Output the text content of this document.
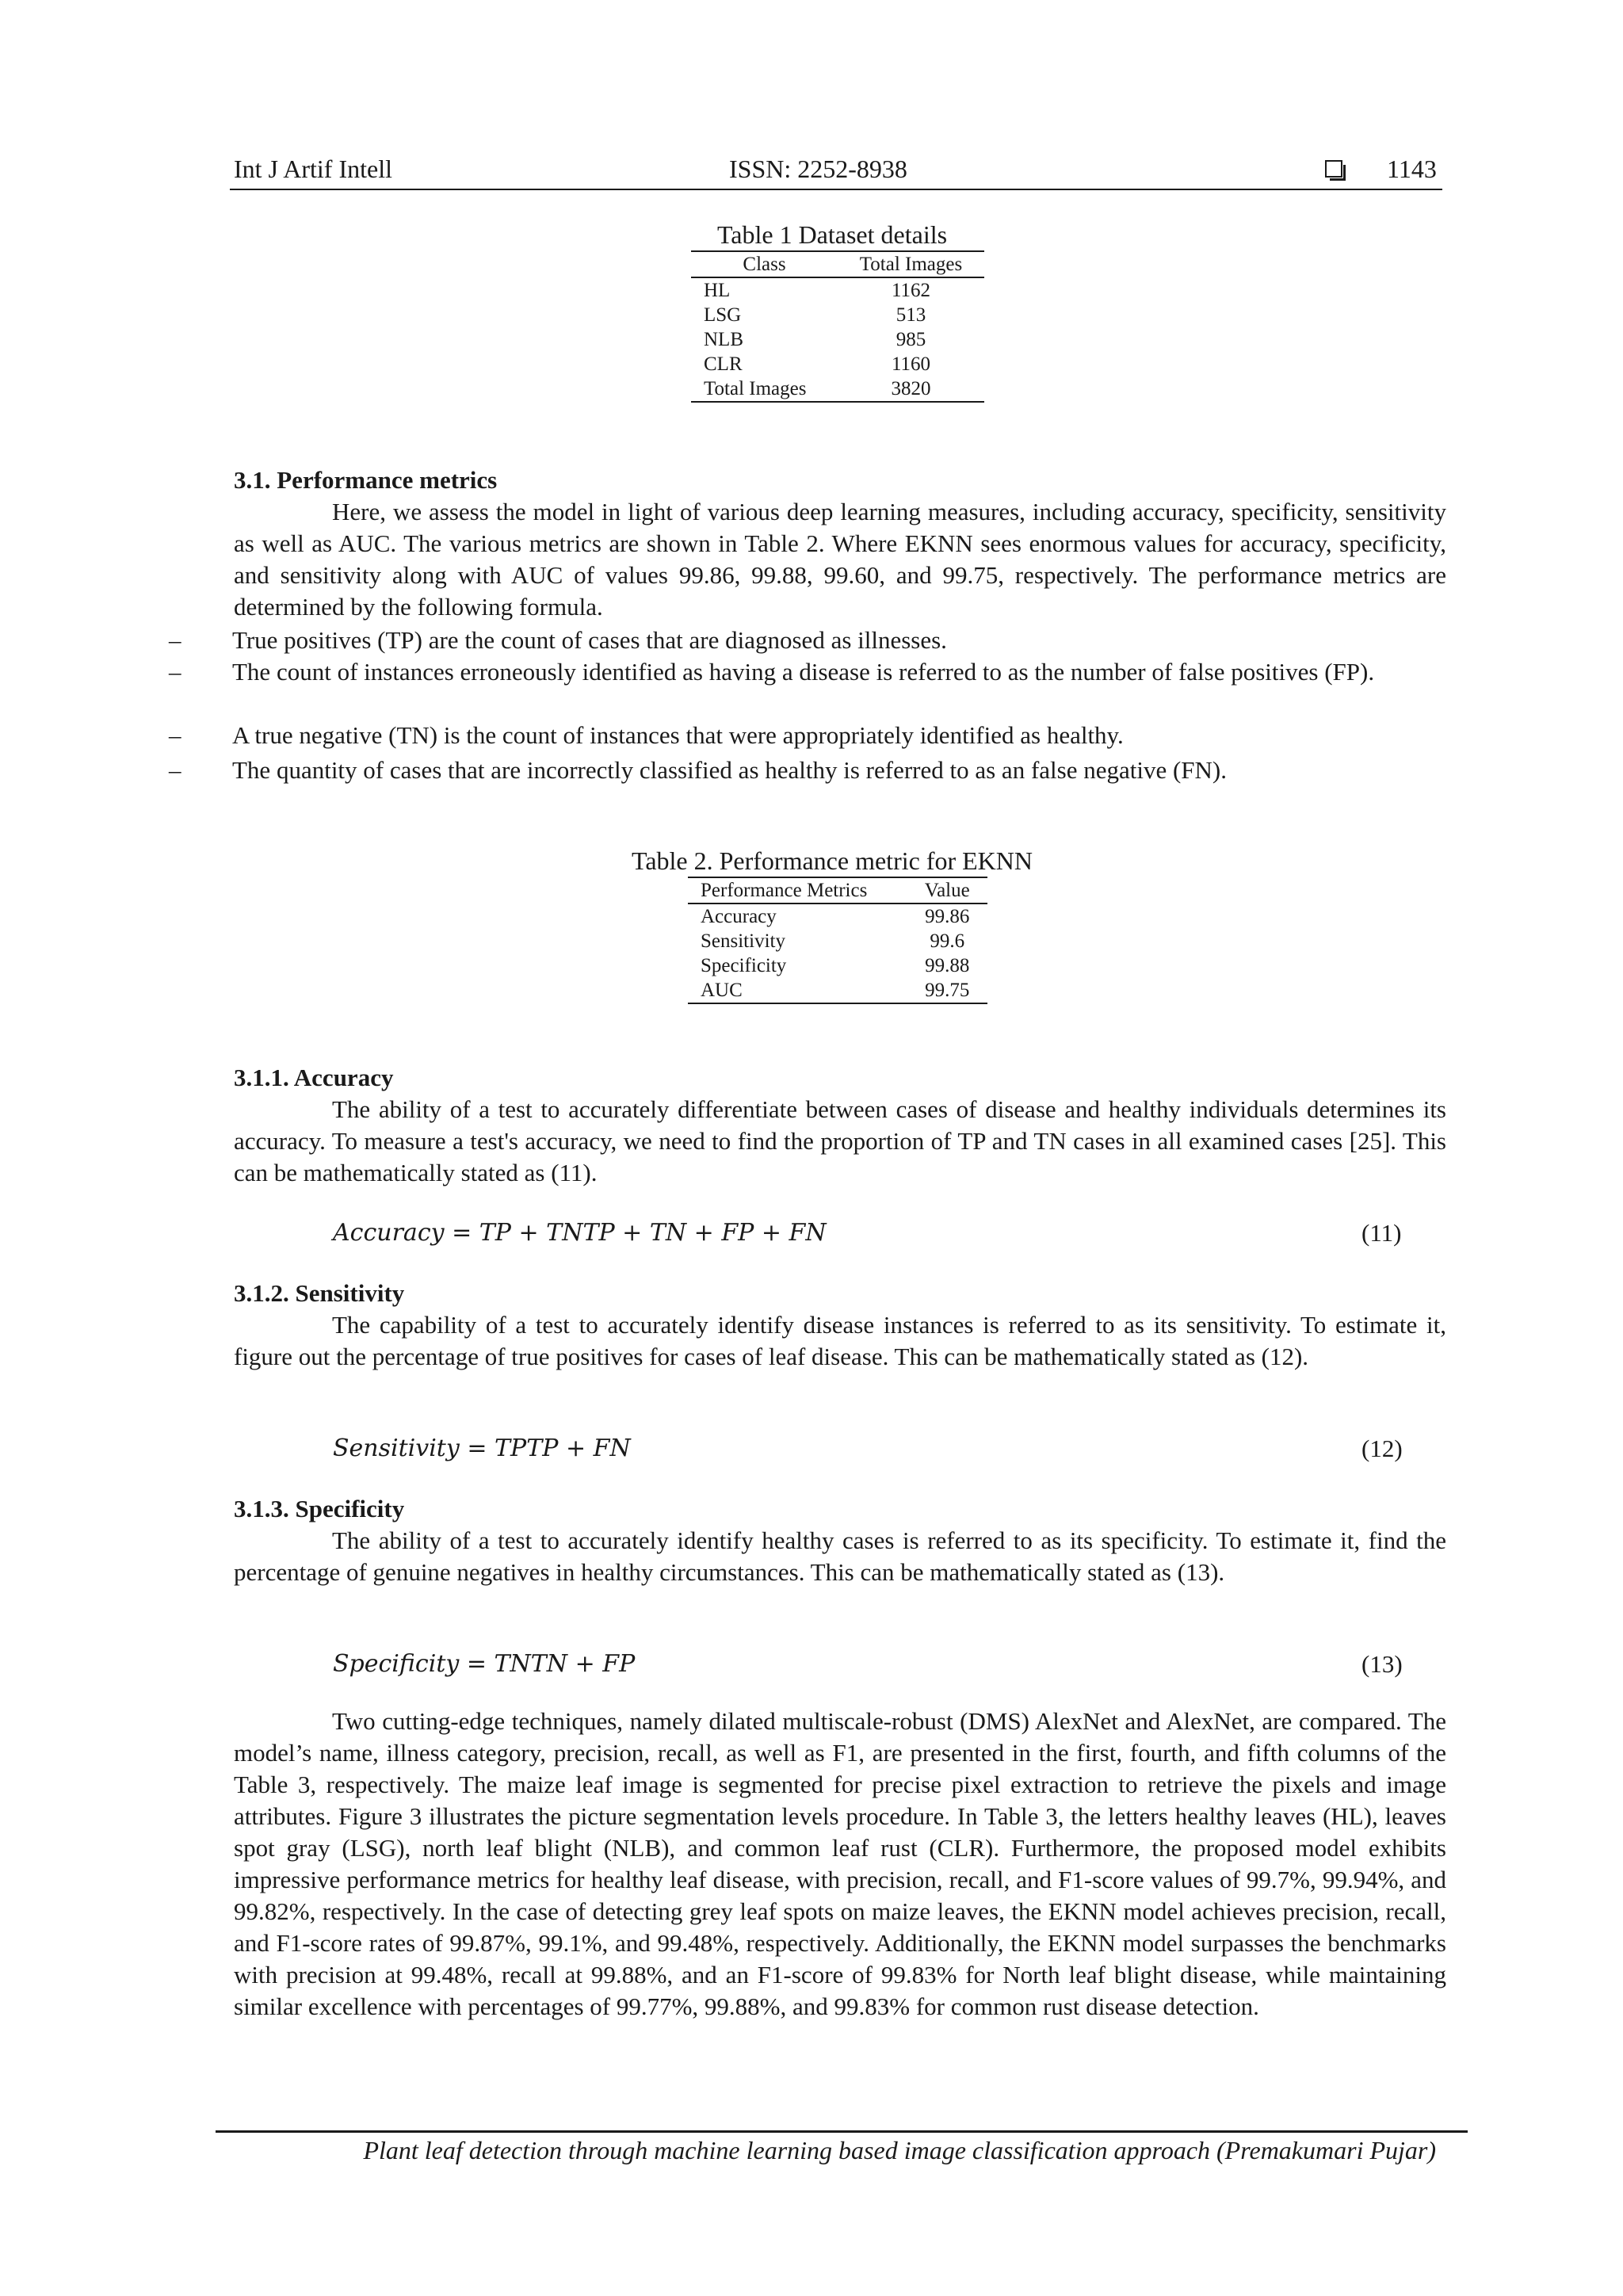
Int J Artif Intell	ISSN: 2252-8938	1143
Table 1 Dataset details
Class	Total Images
HL	1162
LSG	513
NLB	985
CLR	1160
Total Images	3820
3.1. Performance metrics
Here, we assess the model in light of various deep learning measures, including accuracy, specificity, sensitivity as well as AUC. The various metrics are shown in Table 2. Where EKNN sees enormous values for accuracy, specificity, and sensitivity along with AUC of values 99.86, 99.88, 99.60, and 99.75, respectively. The performance metrics are determined by the following formula.
– True positives (TP) are the count of cases that are diagnosed as illnesses.
– The count of instances erroneously identified as having a disease is referred to as the number of false positives (FP).
– A true negative (TN) is the count of instances that were appropriately identified as healthy.
– The quantity of cases that are incorrectly classified as healthy is referred to as an false negative (FN).
Table 2. Performance metric for EKNN
Performance Metrics	Value
Accuracy	99.86
Sensitivity	99.6
Specificity	99.88
AUC	99.75
3.1.1. Accuracy
The ability of a test to accurately differentiate between cases of disease and healthy individuals determines its accuracy. To measure a test's accuracy, we need to find the proportion of TP and TN cases in all examined cases [25]. This can be mathematically stated as (11).
Accuracy = TP + TNTP + TN + FP + FN	(11)
3.1.2. Sensitivity
The capability of a test to accurately identify disease instances is referred to as its sensitivity. To estimate it, figure out the percentage of true positives for cases of leaf disease. This can be mathematically stated as (12).
Sensitivity = TPTP + FN	(12)
3.1.3. Specificity
The ability of a test to accurately identify healthy cases is referred to as its specificity. To estimate it, find the percentage of genuine negatives in healthy circumstances. This can be mathematically stated as (13).
Specificity = TNTN + FP	(13)
Two cutting-edge techniques, namely dilated multiscale-robust (DMS) AlexNet and AlexNet, are compared. The model’s name, illness category, precision, recall, as well as F1, are presented in the first, fourth, and fifth columns of the Table 3, respectively. The maize leaf image is segmented for precise pixel extraction to retrieve the pixels and image attributes. Figure 3 illustrates the picture segmentation levels procedure. In Table 3, the letters healthy leaves (HL), leaves spot gray (LSG), north leaf blight (NLB), and common leaf rust (CLR). Furthermore, the proposed model exhibits impressive performance metrics for healthy leaf disease, with precision, recall, and F1-score values of 99.7%, 99.94%, and 99.82%, respectively. In the case of detecting grey leaf spots on maize leaves, the EKNN model achieves precision, recall, and F1-score rates of 99.87%, 99.1%, and 99.48%, respectively. Additionally, the EKNN model surpasses the benchmarks with precision at 99.48%, recall at 99.88%, and an F1-score of 99.83% for North leaf blight disease, while maintaining similar excellence with percentages of 99.77%, 99.88%, and 99.83% for common rust disease detection.
Plant leaf detection through machine learning based image classification approach (Premakumari Pujar)
